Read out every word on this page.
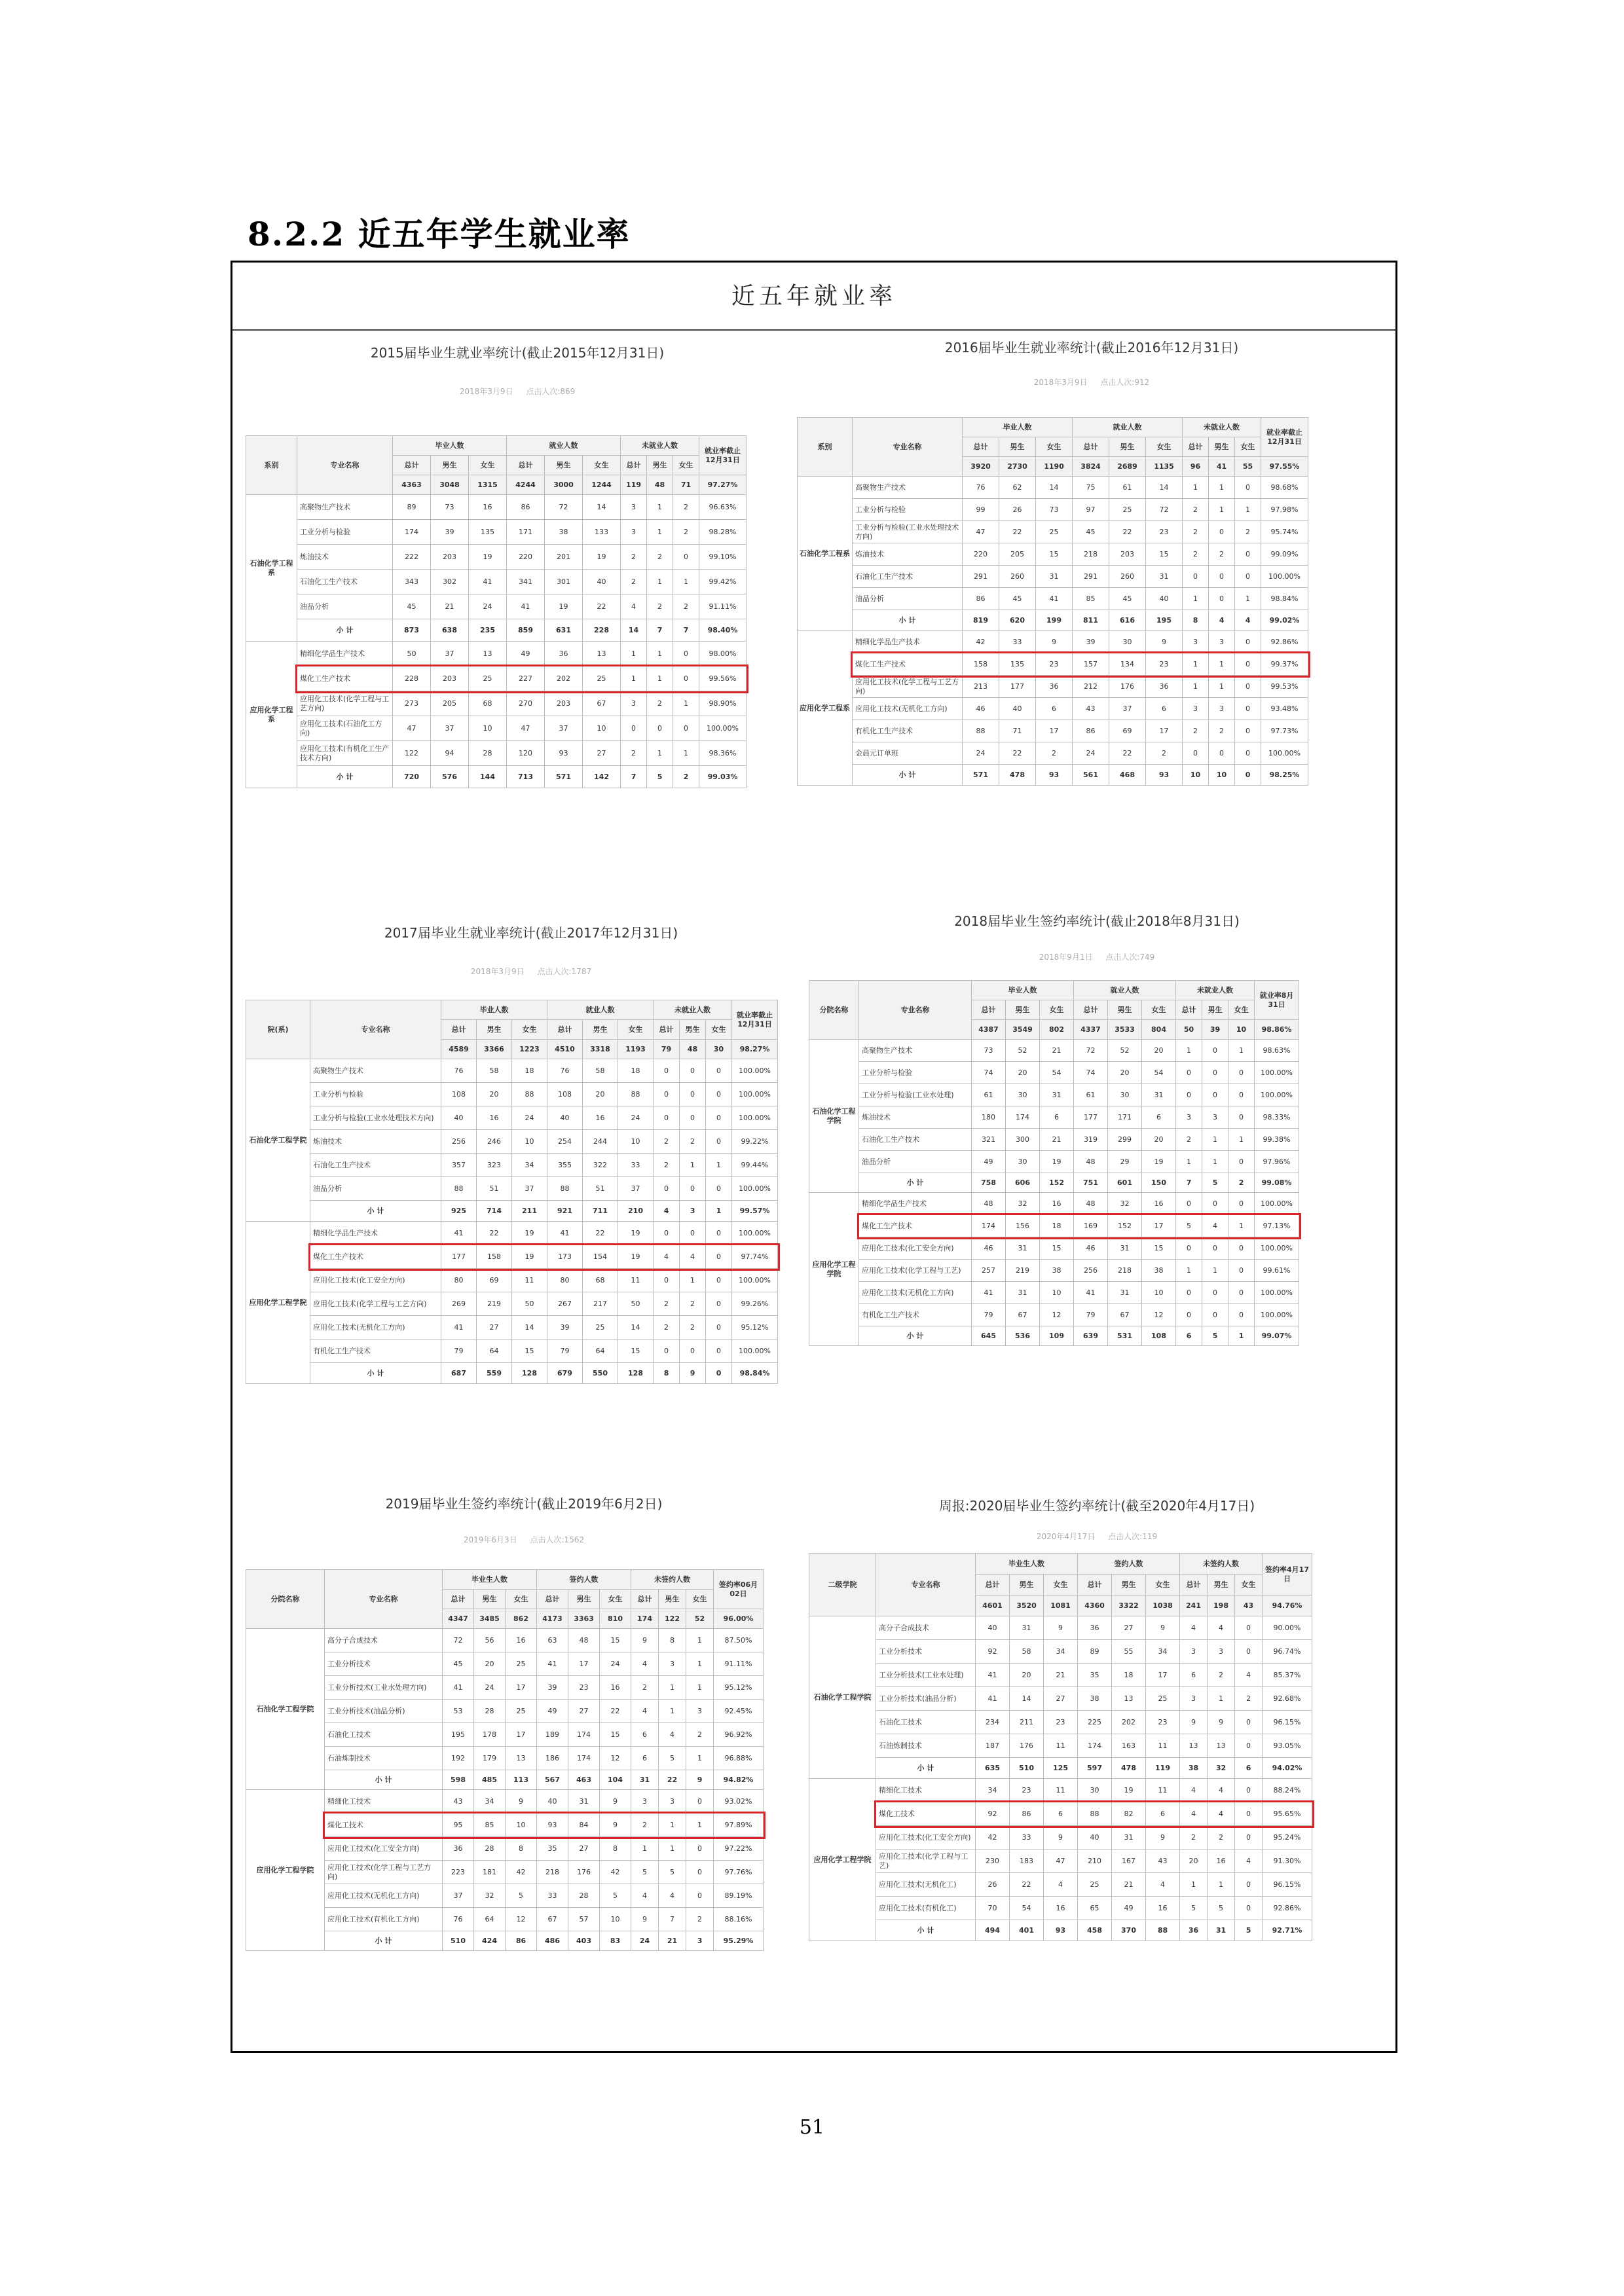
8.2.2 近五年学生就业率
近五年就业率
2015届毕业生就业率统计(截止2015年12月31日)
2018年3月9日 点击人次:869
系别	专业名称	毕业人数			就业人数			未就业人数			就业率截止12月31日
		总计	男生	女生	总计	男生	女生	总计	男生	女生	
		4363	3048	1315	4244	3000	1244	119	48	71	97.27%
石油化学工程系	高聚物生产技术	89	73	16	86	72	14	3	1	2	96.63%
	工业分析与检验	174	39	135	171	38	133	3	1	2	98.28%
	炼油技术	222	203	19	220	201	19	2	2	0	99.10%
	石油化工生产技术	343	302	41	341	301	40	2	1	1	99.42%
	油品分析	45	21	24	41	19	22	4	2	2	91.11%
	小 计	873	638	235	859	631	228	14	7	7	98.40%
应用化学工程系	精细化学品生产技术	50	37	13	49	36	13	1	1	0	98.00%
	煤化工生产技术	228	203	25	227	202	25	1	1	0	99.56%
	应用化工技术(化学工程与工艺方向)	273	205	68	270	203	67	3	2	1	98.90%
	应用化工技术(石油化工方向)	47	37	10	47	37	10	0	0	0	100.00%
	应用化工技术(有机化工生产技术方向)	122	94	28	120	93	27	2	1	1	98.36%
	小 计	720	576	144	713	571	142	7	5	2	99.03%
2016届毕业生就业率统计(截止2016年12月31日)
2018年3月9日 点击人次:912
系别	专业名称	毕业人数			就业人数			未就业人数			就业率截止12月31日
		总计	男生	女生	总计	男生	女生	总计	男生	女生	
		3920	2730	1190	3824	2689	1135	96	41	55	97.55%
石油化学工程系	高聚物生产技术	76	62	14	75	61	14	1	1	0	98.68%
	工业分析与检验	99	26	73	97	25	72	2	1	1	97.98%
	工业分析与检验(工业水处理技术方向)	47	22	25	45	22	23	2	0	2	95.74%
	炼油技术	220	205	15	218	203	15	2	2	0	99.09%
	石油化工生产技术	291	260	31	291	260	31	0	0	0	100.00%
	油品分析	86	45	41	85	45	40	1	0	1	98.84%
	小 计	819	620	199	811	616	195	8	4	4	99.02%
应用化学工程系	精细化学品生产技术	42	33	9	39	30	9	3	3	0	92.86%
	煤化工生产技术	158	135	23	157	134	23	1	1	0	99.37%
	应用化工技术(化学工程与工艺方向)	213	177	36	212	176	36	1	1	0	99.53%
	应用化工技术(无机化工方向)	46	40	6	43	37	6	3	3	0	93.48%
	有机化工生产技术	88	71	17	86	69	17	2	2	0	97.73%
	金晨元订单班	24	22	2	24	22	2	0	0	0	100.00%
	小 计	571	478	93	561	468	93	10	10	0	98.25%
2017届毕业生就业率统计(截止2017年12月31日)
2018年3月9日 点击人次:1787
院(系)	专业名称	毕业人数			就业人数			未就业人数			就业率截止12月31日
		总计	男生	女生	总计	男生	女生	总计	男生	女生	
		4589	3366	1223	4510	3318	1193	79	48	30	98.27%
石油化学工程学院	高聚物生产技术	76	58	18	76	58	18	0	0	0	100.00%
	工业分析与检验	108	20	88	108	20	88	0	0	0	100.00%
	工业分析与检验(工业水处理技术方向)	40	16	24	40	16	24	0	0	0	100.00%
	炼油技术	256	246	10	254	244	10	2	2	0	99.22%
	石油化工生产技术	357	323	34	355	322	33	2	1	1	99.44%
	油品分析	88	51	37	88	51	37	0	0	0	100.00%
	小 计	925	714	211	921	711	210	4	3	1	99.57%
应用化学工程学院	精细化学品生产技术	41	22	19	41	22	19	0	0	0	100.00%
	煤化工生产技术	177	158	19	173	154	19	4	4	0	97.74%
	应用化工技术(化工安全方向)	80	69	11	80	68	11	0	1	0	100.00%
	应用化工技术(化学工程与工艺方向)	269	219	50	267	217	50	2	2	0	99.26%
	应用化工技术(无机化工方向)	41	27	14	39	25	14	2	2	0	95.12%
	有机化工生产技术	79	64	15	79	64	15	0	0	0	100.00%
	小 计	687	559	128	679	550	128	8	9	0	98.84%
2018届毕业生签约率统计(截止2018年8月31日)
2018年9月1日 点击人次:749
分院名称	专业名称	毕业人数			就业人数			未就业人数			就业率8月31日
		总计	男生	女生	总计	男生	女生	总计	男生	女生	
		4387	3549	802	4337	3533	804	50	39	10	98.86%
石油化学工程学院	高聚物生产技术	73	52	21	72	52	20	1	0	1	98.63%
	工业分析与检验	74	20	54	74	20	54	0	0	0	100.00%
	工业分析与检验(工业水处理)	61	30	31	61	30	31	0	0	0	100.00%
	炼油技术	180	174	6	177	171	6	3	3	0	98.33%
	石油化工生产技术	321	300	21	319	299	20	2	1	1	99.38%
	油品分析	49	30	19	48	29	19	1	1	0	97.96%
	小 计	758	606	152	751	601	150	7	5	2	99.08%
应用化学工程学院	精细化学品生产技术	48	32	16	48	32	16	0	0	0	100.00%
	煤化工生产技术	174	156	18	169	152	17	5	4	1	97.13%
	应用化工技术(化工安全方向)	46	31	15	46	31	15	0	0	0	100.00%
	应用化工技术(化学工程与工艺)	257	219	38	256	218	38	1	1	0	99.61%
	应用化工技术(无机化工方向)	41	31	10	41	31	10	0	0	0	100.00%
	有机化工生产技术	79	67	12	79	67	12	0	0	0	100.00%
	小 计	645	536	109	639	531	108	6	5	1	99.07%
2019届毕业生签约率统计(截止2019年6月2日)
2019年6月3日 点击人次:1562
分院名称	专业名称	毕业生人数			签约人数			未签约人数			签约率06月02日
		总计	男生	女生	总计	男生	女生	总计	男生	女生	
		4347	3485	862	4173	3363	810	174	122	52	96.00%
石油化学工程学院	高分子合成技术	72	56	16	63	48	15	9	8	1	87.50%
	工业分析技术	45	20	25	41	17	24	4	3	1	91.11%
	工业分析技术(工业水处理方向)	41	24	17	39	23	16	2	1	1	95.12%
	工业分析技术(油品分析)	53	28	25	49	27	22	4	1	3	92.45%
	石油化工技术	195	178	17	189	174	15	6	4	2	96.92%
	石油炼制技术	192	179	13	186	174	12	6	5	1	96.88%
	小 计	598	485	113	567	463	104	31	22	9	94.82%
应用化学工程学院	精细化工技术	43	34	9	40	31	9	3	3	0	93.02%
	煤化工技术	95	85	10	93	84	9	2	1	1	97.89%
	应用化工技术(化工安全方向)	36	28	8	35	27	8	1	1	0	97.22%
	应用化工技术(化学工程与工艺方向)	223	181	42	218	176	42	5	5	0	97.76%
	应用化工技术(无机化工方向)	37	32	5	33	28	5	4	4	0	89.19%
	应用化工技术(有机化工方向)	76	64	12	67	57	10	9	7	2	88.16%
	小 计	510	424	86	486	403	83	24	21	3	95.29%
周报:2020届毕业生签约率统计(截至2020年4月17日)
2020年4月17日 点击人次:119
二级学院	专业名称	毕业生人数			签约人数			未签约人数			签约率4月17日
		总计	男生	女生	总计	男生	女生	总计	男生	女生	
		4601	3520	1081	4360	3322	1038	241	198	43	94.76%
石油化学工程学院	高分子合成技术	40	31	9	36	27	9	4	4	0	90.00%
	工业分析技术	92	58	34	89	55	34	3	3	0	96.74%
	工业分析技术(工业水处理)	41	20	21	35	18	17	6	2	4	85.37%
	工业分析技术(油品分析)	41	14	27	38	13	25	3	1	2	92.68%
	石油化工技术	234	211	23	225	202	23	9	9	0	96.15%
	石油炼制技术	187	176	11	174	163	11	13	13	0	93.05%
	小 计	635	510	125	597	478	119	38	32	6	94.02%
应用化学工程学院	精细化工技术	34	23	11	30	19	11	4	4	0	88.24%
	煤化工技术	92	86	6	88	82	6	4	4	0	95.65%
	应用化工技术(化工安全方向)	42	33	9	40	31	9	2	2	0	95.24%
	应用化工技术(化学工程与工艺)	230	183	47	210	167	43	20	16	4	91.30%
	应用化工技术(无机化工)	26	22	4	25	21	4	1	1	0	96.15%
	应用化工技术(有机化工)	70	54	16	65	49	16	5	5	0	92.86%
	小 计	494	401	93	458	370	88	36	31	5	92.71%
51
